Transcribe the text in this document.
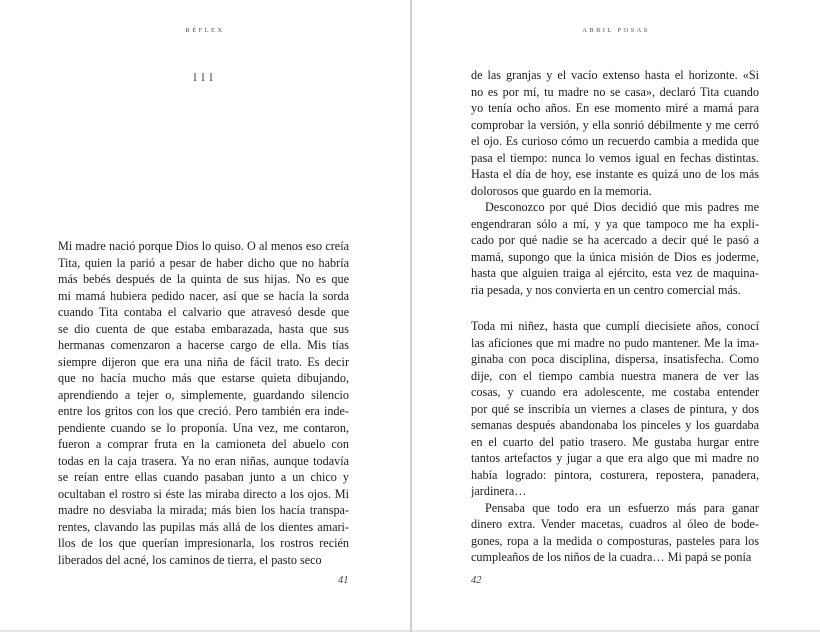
RÉFLEX
III
Mi madre nació porque Dios lo quiso. O al menos eso creía
Tita, quien la parió a pesar de haber dicho que no habría
más bebés después de la quinta de sus hijas. No es que
mi mamá hubiera pedido nacer, así que se hacía la sorda
cuando Tita contaba el calvario que atravesó desde que
se dio cuenta de que estaba embarazada, hasta que sus
hermanas comenzaron a hacerse cargo de ella. Mis tías
siempre dijeron que era una niña de fácil trato. Es decir
que no hacía mucho más que estarse quieta dibujando,
aprendiendo a tejer o, simplemente, guardando silencio
entre los gritos con los que creció. Pero también era inde-
pendiente cuando se lo proponía. Una vez, me contaron,
fueron a comprar fruta en la camioneta del abuelo con
todas en la caja trasera. Ya no eran niñas, aunque todavía
se reían entre ellas cuando pasaban junto a un chico y
ocultaban el rostro si éste las miraba directo a los ojos. Mi
madre no desviaba la mirada; más bien los hacía transpa-
rentes, clavando las pupilas más allá de los dientes amari-
llos de los que querían impresionarla, los rostros recién
liberados del acné, los caminos de tierra, el pasto seco
41
ABRIL POSAS
de las granjas y el vacío extenso hasta el horizonte. «Si
no es por mí, tu madre no se casa», declaró Tita cuando
yo tenía ocho años. En ese momento miré a mamá para
comprobar la versión, y ella sonrió débilmente y me cerró
el ojo. Es curioso cómo un recuerdo cambia a medida que
pasa el tiempo: nunca lo vemos igual en fechas distintas.
Hasta el día de hoy, ese instante es quizá uno de los más
dolorosos que guardo en la memoria.
Desconozco por qué Dios decidió que mis padres me
engendraran sólo a mí, y ya que tampoco me ha expli-
cado por qué nadie se ha acercado a decir qué le pasó a
mamá, supongo que la única misión de Dios es joderme,
hasta que alguien traiga al ejército, esta vez de maquina-
ria pesada, y nos convierta en un centro comercial más.
Toda mi niñez, hasta que cumplí diecisiete años, conocí
las aficiones que mi madre no pudo mantener. Me la ima-
ginaba con poca disciplina, dispersa, insatisfecha. Como
dije, con el tiempo cambia nuestra manera de ver las
cosas, y cuando era adolescente, me costaba entender
por qué se inscribía un viernes a clases de pintura, y dos
semanas después abandonaba los pinceles y los guardaba
en el cuarto del patio trasero. Me gustaba hurgar entre
tantos artefactos y jugar a que era algo que mi madre no
había logrado: pintora, costurera, repostera, panadera,
jardinera…
Pensaba que todo era un esfuerzo más para ganar
dinero extra. Vender macetas, cuadros al óleo de bode-
gones, ropa a la medida o composturas, pasteles para los
cumpleaños de los niños de la cuadra… Mi papá se ponía
42
